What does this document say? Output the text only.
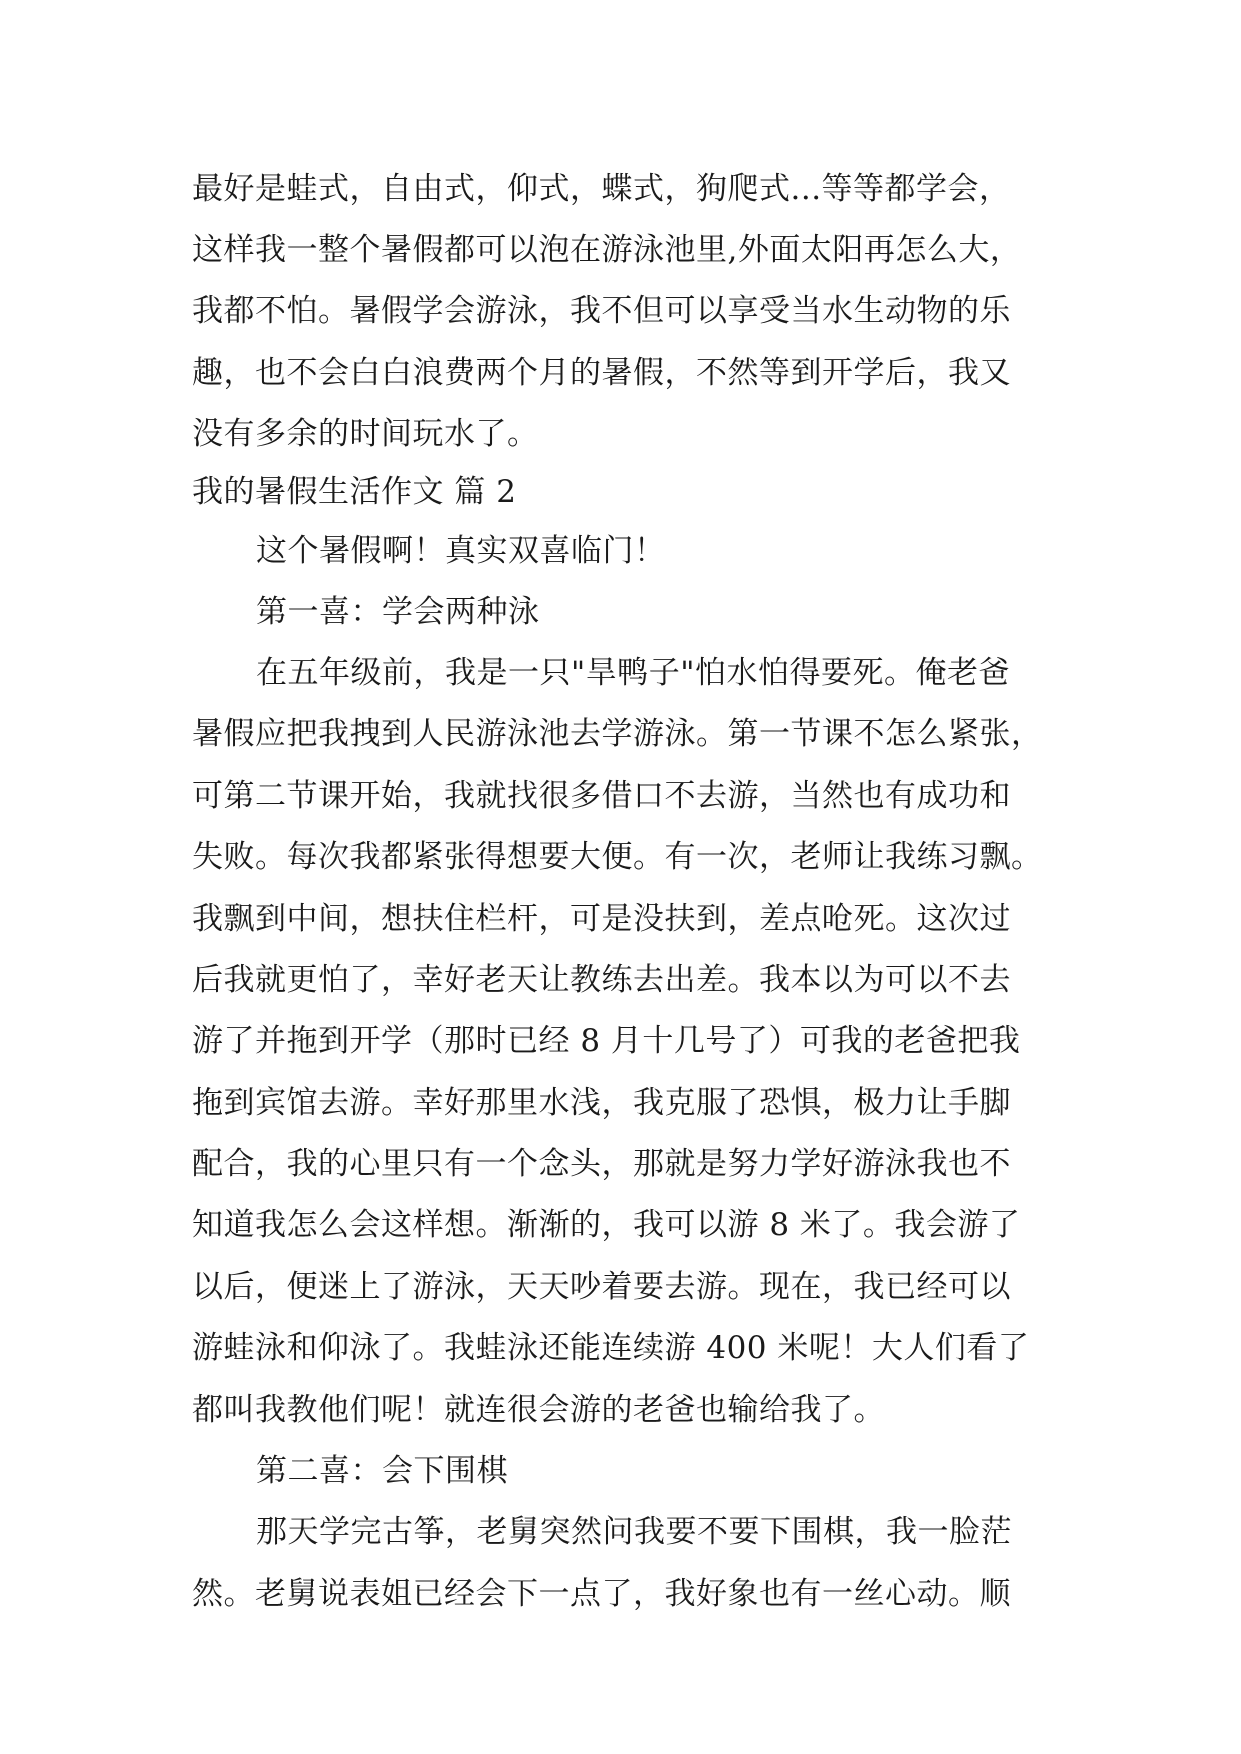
最好是蛙式，自由式，仰式，蝶式，狗爬式...等等都学会，
这样我一整个暑假都可以泡在游泳池里,外面太阳再怎么大，
我都不怕。暑假学会游泳，我不但可以享受当水生动物的乐
趣，也不会白白浪费两个月的暑假，不然等到开学后，我又
没有多余的时间玩水了。
我的暑假生活作文 篇 2
这个暑假啊！真实双喜临门！
第一喜：学会两种泳
在五年级前，我是一只"旱鸭子"怕水怕得要死。俺老爸
暑假应把我拽到人民游泳池去学游泳。第一节课不怎么紧张，
可第二节课开始，我就找很多借口不去游，当然也有成功和
失败。每次我都紧张得想要大便。有一次，老师让我练习飘。
我飘到中间，想扶住栏杆，可是没扶到，差点呛死。这次过
后我就更怕了，幸好老天让教练去出差。我本以为可以不去
游了并拖到开学（那时已经 8 月十几号了）可我的老爸把我
拖到宾馆去游。幸好那里水浅，我克服了恐惧，极力让手脚
配合，我的心里只有一个念头，那就是努力学好游泳我也不
知道我怎么会这样想。渐渐的，我可以游 8 米了。我会游了
以后，便迷上了游泳，天天吵着要去游。现在，我已经可以
游蛙泳和仰泳了。我蛙泳还能连续游 400 米呢！大人们看了
都叫我教他们呢！就连很会游的老爸也输给我了。
第二喜：会下围棋
那天学完古筝，老舅突然问我要不要下围棋，我一脸茫
然。老舅说表姐已经会下一点了，我好象也有一丝心动。顺
